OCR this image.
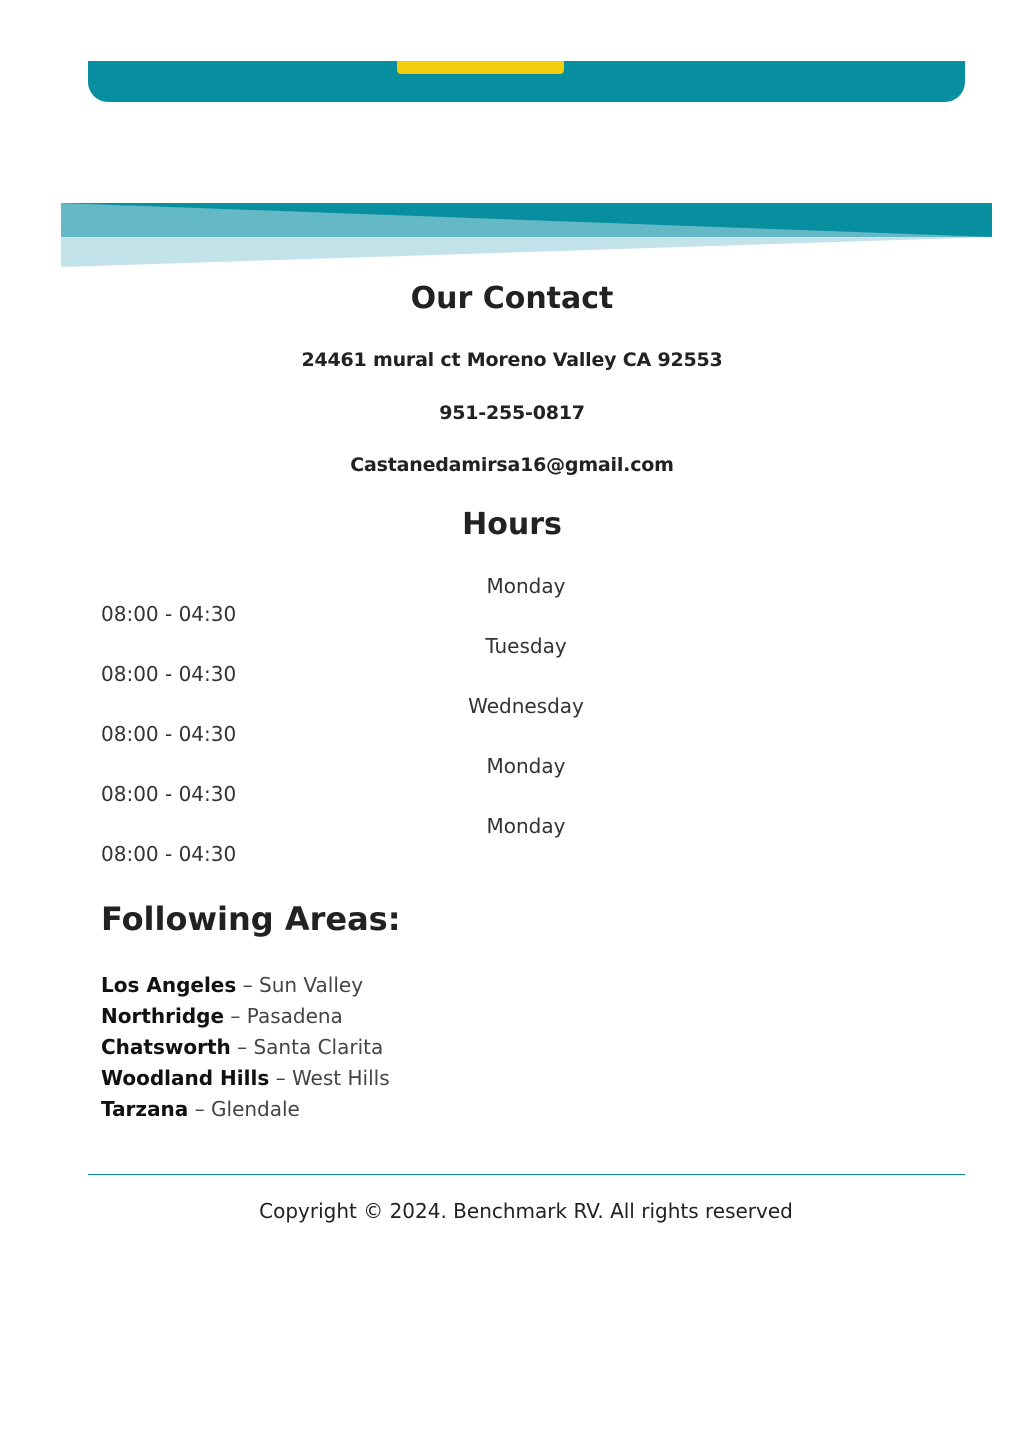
Our Contact
24461 mural ct Moreno Valley CA 92553
951-255-0817
Castanedamirsa16@gmail.com
Hours
Monday
08:00 - 04:30
Tuesday
08:00 - 04:30
Wednesday
08:00 - 04:30
Monday
08:00 - 04:30
Monday
08:00 - 04:30
Following Areas:
Los Angeles – Sun Valley
Northridge – Pasadena
Chatsworth – Santa Clarita
Woodland Hills – West Hills
Tarzana – Glendale
Copyright © 2024. Benchmark RV. All rights reserved
